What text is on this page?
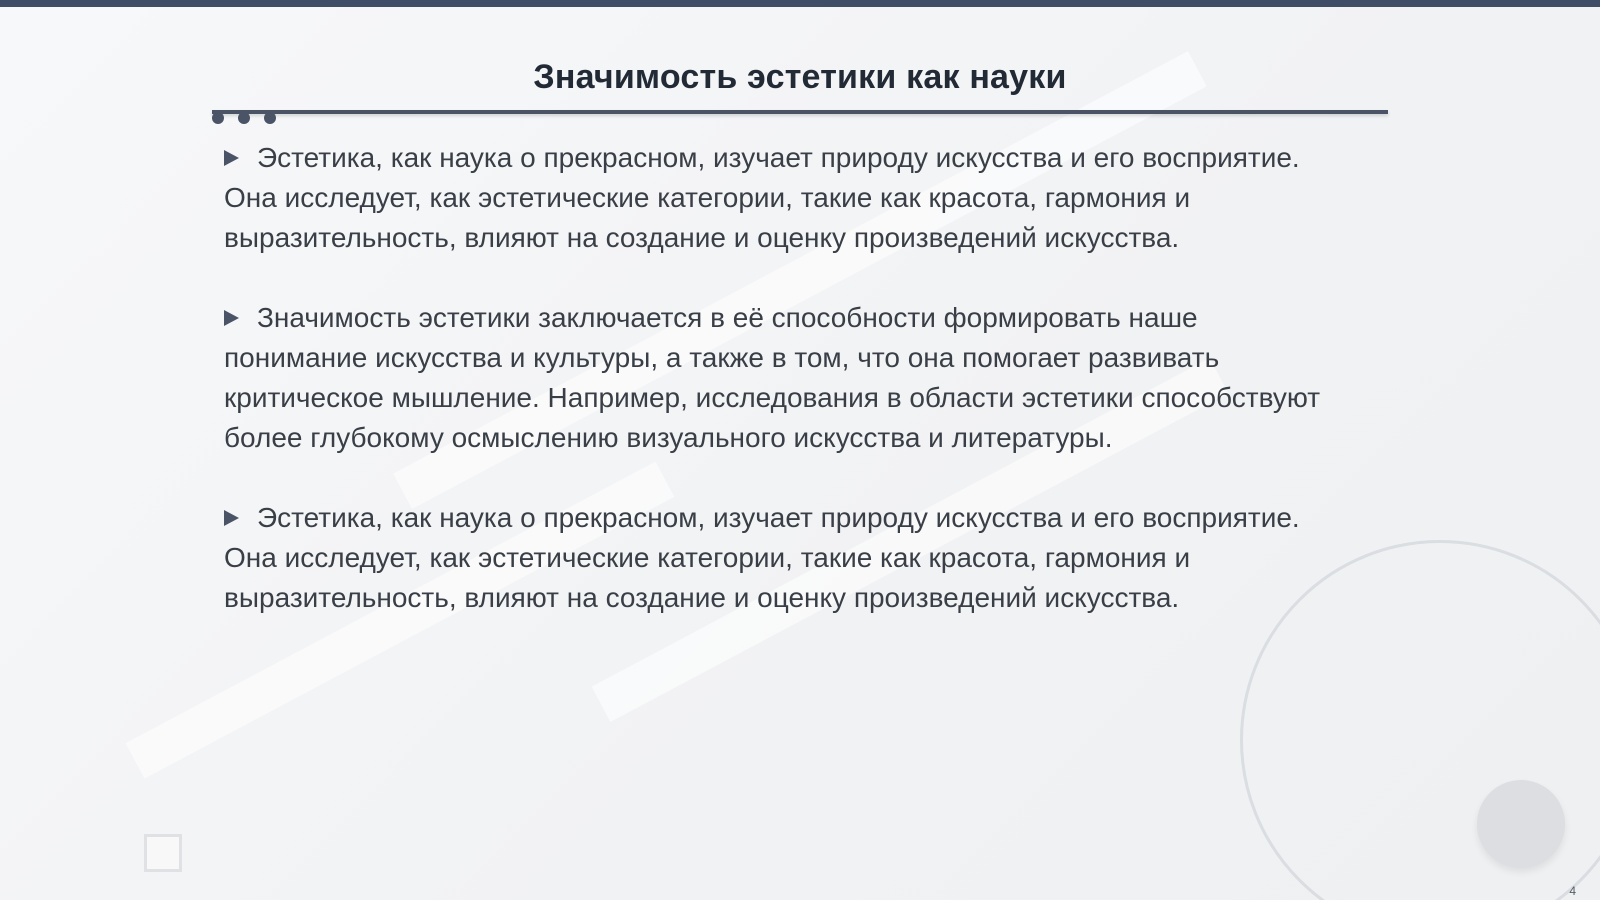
Значимость эстетики как науки

Эстетика, как наука о прекрасном, изучает природу искусства и его восприятие. Она исследует, как эстетические категории, такие как красота, гармония и выразительность, влияют на создание и оценку произведений искусства.

Значимость эстетики заключается в её способности формировать наше понимание искусства и культуры, а также в том, что она помогает развивать критическое мышление. Например, исследования в области эстетики способствуют более глубокому осмыслению визуального искусства и литературы.

Эстетика, как наука о прекрасном, изучает природу искусства и его восприятие. Она исследует, как эстетические категории, такие как красота, гармония и выразительность, влияют на создание и оценку произведений искусства.

4
